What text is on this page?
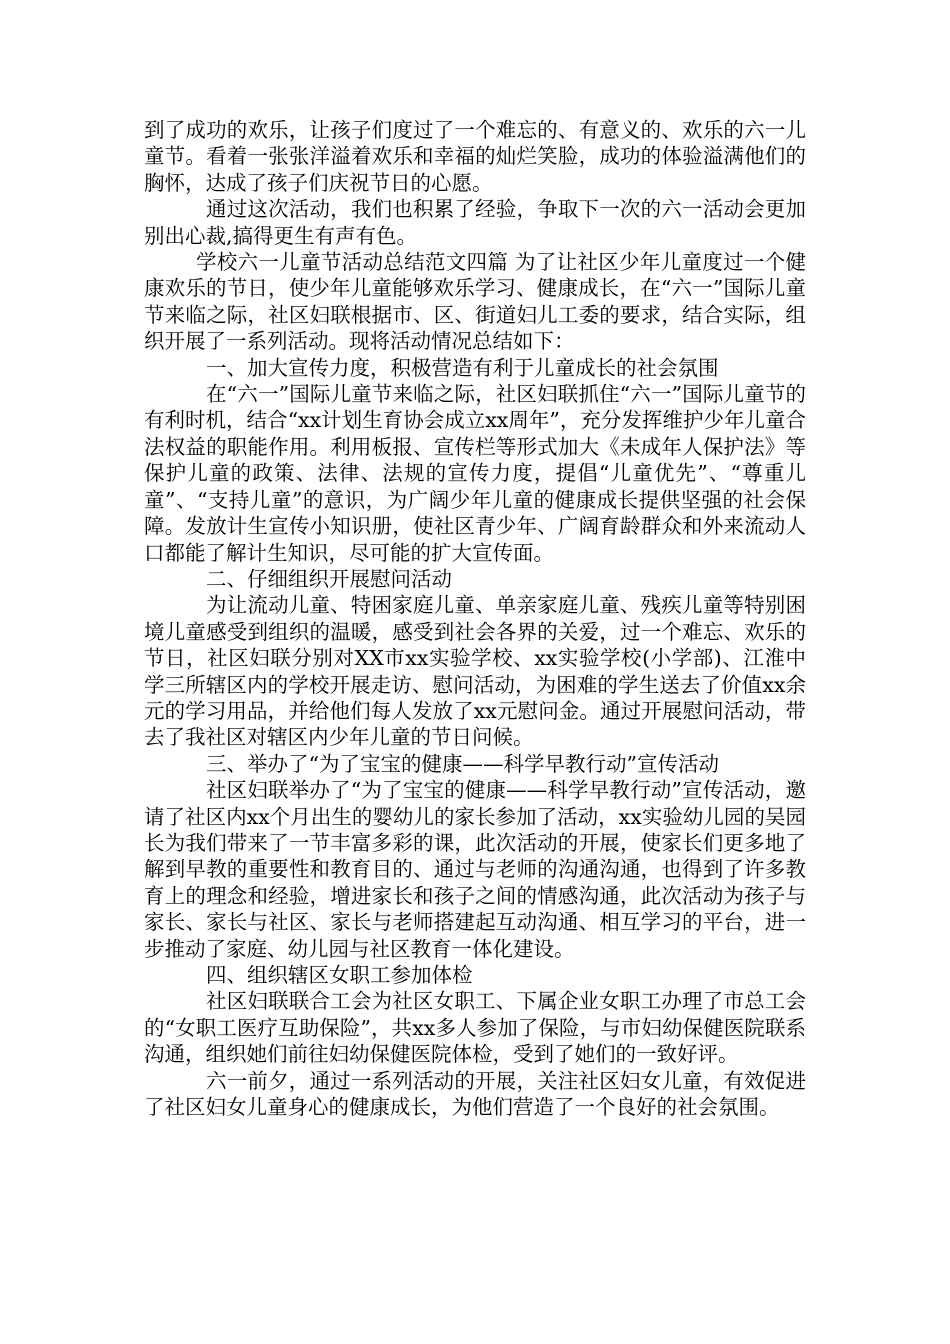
到了成功的欢乐，让孩子们度过了一个难忘的、有意义的、欢乐的六一儿童节。看着一张张洋溢着欢乐和幸福的灿烂笑脸，成功的体验溢满他们的胸怀，达成了孩子们庆祝节日的心愿。

通过这次活动，我们也积累了经验，争取下一次的六一活动会更加别出心裁,搞得更生有声有色。

学校六一儿童节活动总结范文四篇 为了让社区少年儿童度过一个健康欢乐的节日，使少年儿童能够欢乐学习、健康成长，在“六一”国际儿童节来临之际，社区妇联根据市、区、街道妇儿工委的要求，结合实际，组织开展了一系列活动。现将活动情况总结如下：

一、加大宣传力度，积极营造有利于儿童成长的社会氛围

在“六一”国际儿童节来临之际，社区妇联抓住“六一”国际儿童节的有利时机，结合“xx计划生育协会成立xx周年”，充分发挥维护少年儿童合法权益的职能作用。利用板报、宣传栏等形式加大《未成年人保护法》等保护儿童的政策、法律、法规的宣传力度，提倡“儿童优先”、“尊重儿童”、“支持儿童”的意识，为广阔少年儿童的健康成长提供坚强的社会保障。发放计生宣传小知识册，使社区青少年、广阔育龄群众和外来流动人口都能了解计生知识，尽可能的扩大宣传面。

二、仔细组织开展慰问活动

为让流动儿童、特困家庭儿童、单亲家庭儿童、残疾儿童等特别困境儿童感受到组织的温暖，感受到社会各界的关爱，过一个难忘、欢乐的节日，社区妇联分别对XX市xx实验学校、xx实验学校(小学部)、江淮中学三所辖区内的学校开展走访、慰问活动，为困难的学生送去了价值xx余元的学习用品，并给他们每人发放了xx元慰问金。通过开展慰问活动，带去了我社区对辖区内少年儿童的节日问候。

三、举办了“为了宝宝的健康——科学早教行动”宣传活动

社区妇联举办了“为了宝宝的健康——科学早教行动”宣传活动，邀请了社区内xx个月出生的婴幼儿的家长参加了活动，xx实验幼儿园的吴园长为我们带来了一节丰富多彩的课，此次活动的开展，使家长们更多地了解到早教的重要性和教育目的、通过与老师的沟通沟通，也得到了许多教育上的理念和经验，增进家长和孩子之间的情感沟通，此次活动为孩子与家长、家长与社区、家长与老师搭建起互动沟通、相互学习的平台，进一步推动了家庭、幼儿园与社区教育一体化建设。

四、组织辖区女职工参加体检

社区妇联联合工会为社区女职工、下属企业女职工办理了市总工会的“女职工医疗互助保险”，共xx多人参加了保险，与市妇幼保健医院联系沟通，组织她们前往妇幼保健医院体检，受到了她们的一致好评。

六一前夕，通过一系列活动的开展，关注社区妇女儿童，有效促进了社区妇女儿童身心的健康成长，为他们营造了一个良好的社会氛围。
